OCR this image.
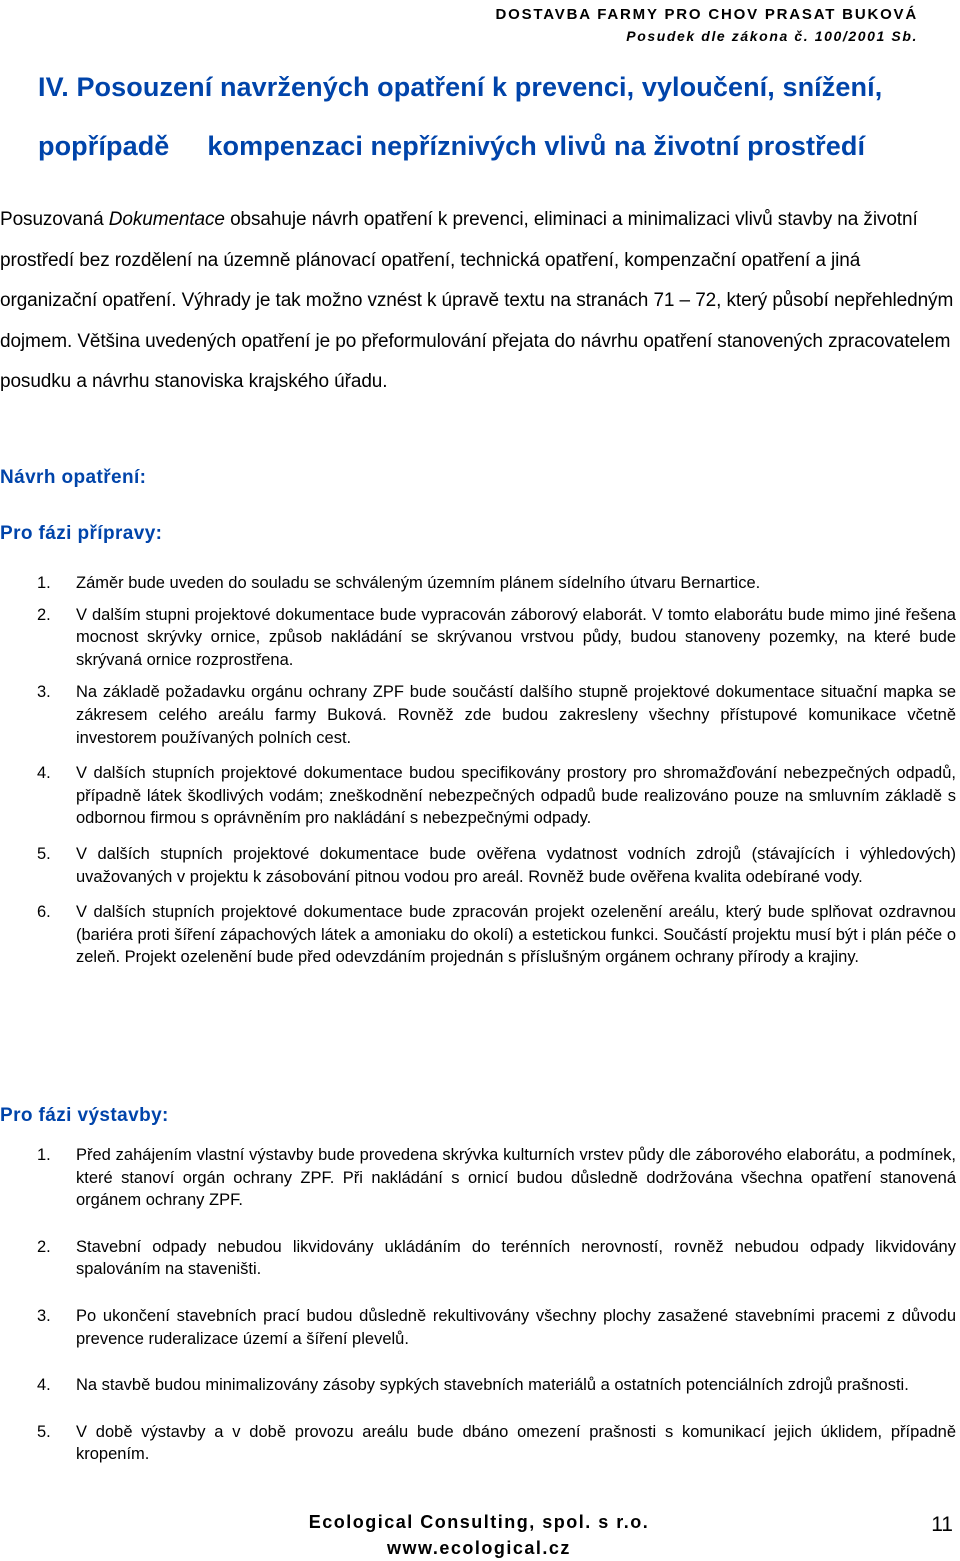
DOSTAVBA FARMY PRO CHOV PRASAT BUKOVÁ
Posudek dle zákona č. 100/2001 Sb.
IV. Posouzení navržených opatření k prevenci, vyloučení, snížení,
popřípadě kompenzaci nepříznivých vlivů na životní prostředí

Posuzovaná Dokumentace obsahuje návrh opatření k prevenci, eliminaci a minimalizaci vlivů stavby na životní prostředí bez rozdělení na územně plánovací opatření, technická opatření, kompenzační opatření a jiná organizační opatření. Výhrady je tak možno vznést k úpravě textu na stranách 71 – 72, který působí nepřehledným dojmem. Většina uvedených opatření je po přeformulování přejata do návrhu opatření stanovených zpracovatelem posudku a návrhu stanoviska krajského úřadu.

Návrh opatření:
Pro fázi přípravy:
1. Záměr bude uveden do souladu se schváleným územním plánem sídelního útvaru Bernartice.
2. V dalším stupni projektové dokumentace bude vypracován záborový elaborát. V tomto elaborátu bude mimo jiné řešena mocnost skrývky ornice, způsob nakládání se skrývanou vrstvou půdy, budou stanoveny pozemky, na které bude skrývaná ornice rozprostřena.
3. Na základě požadavku orgánu ochrany ZPF bude součástí dalšího stupně projektové dokumentace situační mapka se zákresem celého areálu farmy Buková. Rovněž zde budou zakresleny všechny přístupové komunikace včetně investorem používaných polních cest.
4. V dalších stupních projektové dokumentace budou specifikovány prostory pro shromažďování nebezpečných odpadů, případně látek škodlivých vodám; zneškodnění nebezpečných odpadů bude realizováno pouze na smluvním základě s odbornou firmou s oprávněním pro nakládání s nebezpečnými odpady.
5. V dalších stupních projektové dokumentace bude ověřena vydatnost vodních zdrojů (stávajících i výhledových) uvažovaných v projektu k zásobování pitnou vodou pro areál. Rovněž bude ověřena kvalita odebírané vody.
6. V dalších stupních projektové dokumentace bude zpracován projekt ozelenění areálu, který bude splňovat ozdravnou (bariéra proti šíření zápachových látek a amoniaku do okolí) a estetickou funkci. Součástí projektu musí být i plán péče o zeleň. Projekt ozelenění bude před odevzdáním projednán s příslušným orgánem ochrany přírody a krajiny.
Pro fázi výstavby:
1. Před zahájením vlastní výstavby bude provedena skrývka kulturních vrstev půdy dle záborového elaborátu, a podmínek, které stanoví orgán ochrany ZPF. Při nakládání s ornicí budou důsledně dodržována všechna opatření stanovená orgánem ochrany ZPF.
2. Stavební odpady nebudou likvidovány ukládáním do terénních nerovností, rovněž nebudou odpady likvidovány spalováním na staveništi.
3. Po ukončení stavebních prací budou důsledně rekultivovány všechny plochy zasažené stavebními pracemi z důvodu prevence ruderalizace území a šíření plevelů.
4. Na stavbě budou minimalizovány zásoby sypkých stavebních materiálů a ostatních potenciálních zdrojů prašnosti.
5. V době výstavby a v době provozu areálu bude dbáno omezení prašnosti s komunikací jejich úklidem, případně kropením.
Ecological Consulting, spol. s r.o.
www.ecological.cz
11
